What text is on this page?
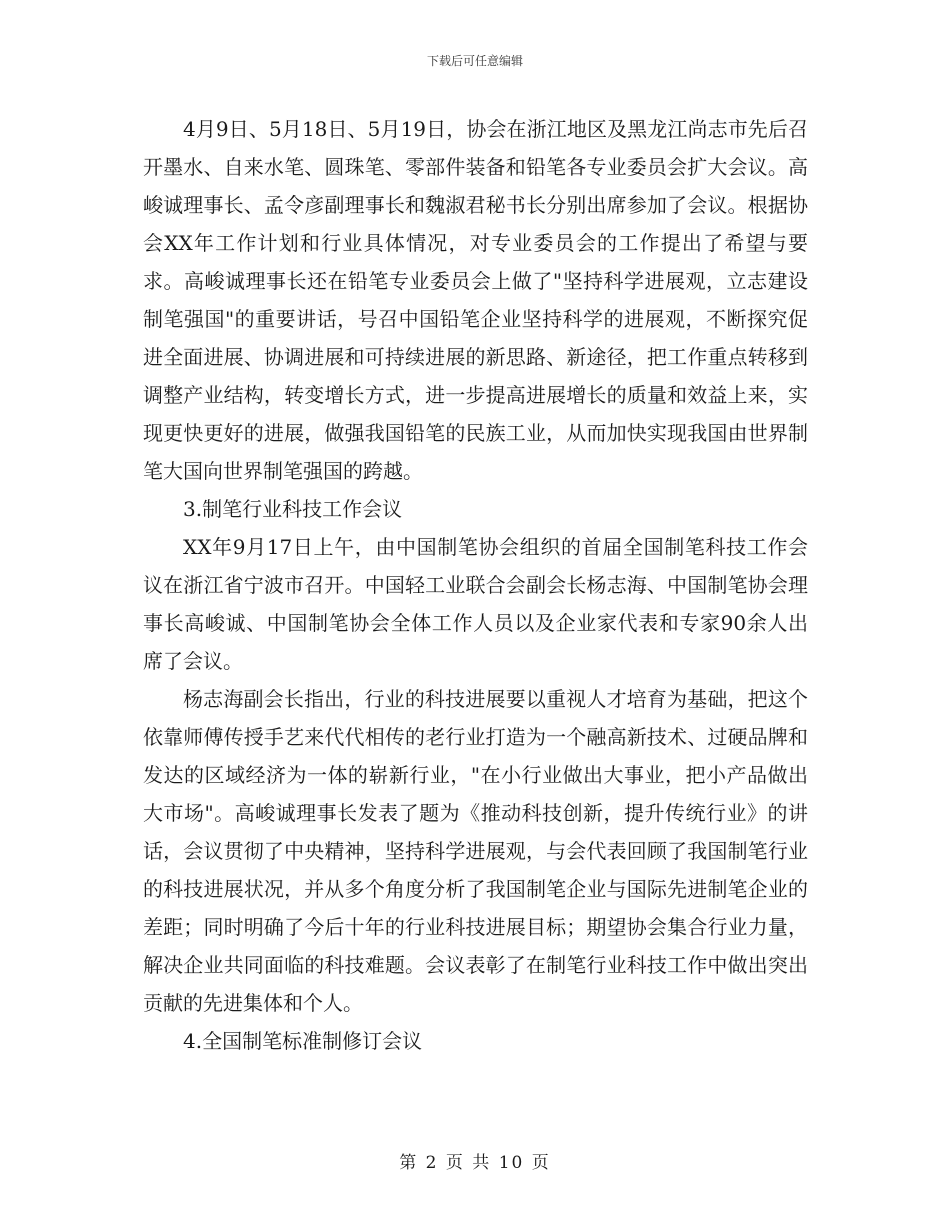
下载后可任意编辑

4月9日、5月18日、5月19日，协会在浙江地区及黑龙江尚志市先后召开墨水、自来水笔、圆珠笔、零部件装备和铅笔各专业委员会扩大会议。高峻诚理事长、孟令彦副理事长和魏淑君秘书长分别出席参加了会议。根据协会XX年工作计划和行业具体情况，对专业委员会的工作提出了希望与要求。高峻诚理事长还在铅笔专业委员会上做了"坚持科学进展观，立志建设制笔强国"的重要讲话，号召中国铅笔企业坚持科学的进展观，不断探究促进全面进展、协调进展和可持续进展的新思路、新途径，把工作重点转移到调整产业结构，转变增长方式，进一步提高进展增长的质量和效益上来，实现更快更好的进展，做强我国铅笔的民族工业，从而加快实现我国由世界制笔大国向世界制笔强国的跨越。

3.制笔行业科技工作会议

XX年9月17日上午，由中国制笔协会组织的首届全国制笔科技工作会议在浙江省宁波市召开。中国轻工业联合会副会长杨志海、中国制笔协会理事长高峻诚、中国制笔协会全体工作人员以及企业家代表和专家90余人出席了会议。

杨志海副会长指出，行业的科技进展要以重视人才培育为基础，把这个依靠师傅传授手艺来代代相传的老行业打造为一个融高新技术、过硬品牌和发达的区域经济为一体的崭新行业，"在小行业做出大事业，把小产品做出大市场"。高峻诚理事长发表了题为《推动科技创新，提升传统行业》的讲话，会议贯彻了中央精神，坚持科学进展观，与会代表回顾了我国制笔行业的科技进展状况，并从多个角度分析了我国制笔企业与国际先进制笔企业的差距；同时明确了今后十年的行业科技进展目标；期望协会集合行业力量，解决企业共同面临的科技难题。会议表彰了在制笔行业科技工作中做出突出贡献的先进集体和个人。

4.全国制笔标准制修订会议

第 2 页 共 10 页
